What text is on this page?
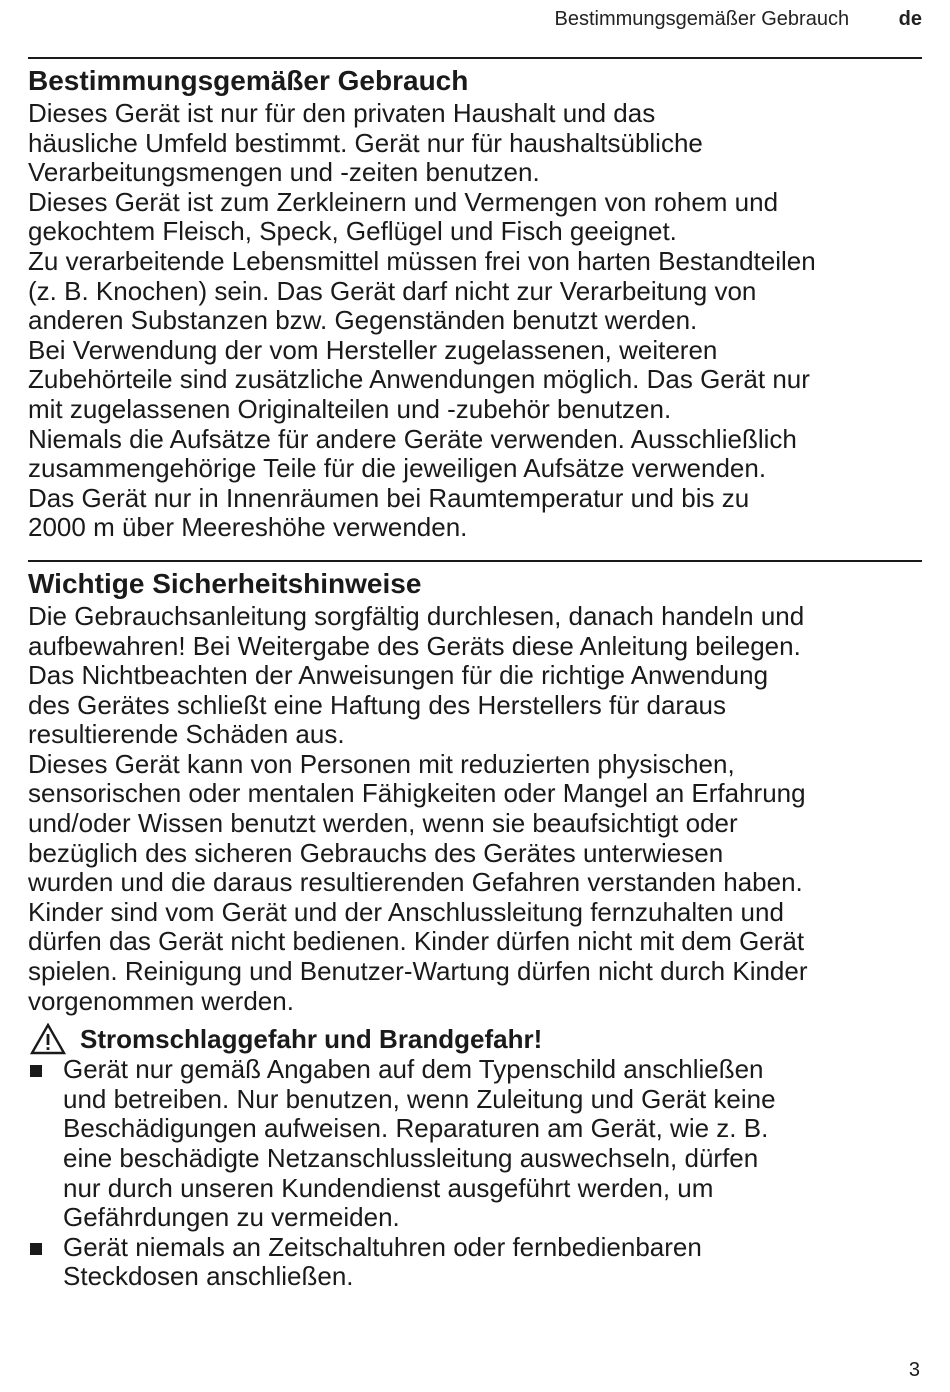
Bestimmungsgemäßer Gebrauch de
Bestimmungsgemäßer Gebrauch

Dieses Gerät ist nur für den privaten Haushalt und das

häusliche Umfeld bestimmt. Gerät nur für haushaltsübliche

Verarbeitungsmengen und -zeiten benutzen.

Dieses Gerät ist zum Zerkleinern und Vermengen von rohem und

gekochtem Fleisch, Speck, Geflügel und Fisch geeignet.

Zu verarbeitende Lebensmittel müssen frei von harten Bestandteilen

(z. B. Knochen) sein. Das Gerät darf nicht zur Verarbeitung von

anderen Substanzen bzw. Gegenständen benutzt werden.

Bei Verwendung der vom Hersteller zugelassenen, weiteren

Zubehörteile sind zusätzliche Anwendungen möglich. Das Gerät nur

mit zugelassenen Originalteilen und -zubehör benutzen.

Niemals die Aufsätze für andere Geräte verwenden. Ausschließlich

zusammengehörige Teile für die jeweiligen Aufsätze verwenden.

Das Gerät nur in Innenräumen bei Raumtemperatur und bis zu

2000 m über Meereshöhe verwenden.

Wichtige Sicherheitshinweise

Die Gebrauchsanleitung sorgfältig durchlesen, danach handeln und

aufbewahren! Bei Weitergabe des Geräts diese Anleitung beilegen.

Das Nichtbeachten der Anweisungen für die richtige Anwendung

des Gerätes schließt eine Haftung des Herstellers für daraus

resultierende Schäden aus.

Dieses Gerät kann von Personen mit reduzierten physischen,

sensorischen oder mentalen Fähigkeiten oder Mangel an Erfahrung

und/oder Wissen benutzt werden, wenn sie beaufsichtigt oder

bezüglich des sicheren Gebrauchs des Gerätes unterwiesen

wurden und die daraus resultierenden Gefahren verstanden haben.

Kinder sind vom Gerät und der Anschlussleitung fernzuhalten und

dürfen das Gerät nicht bedienen. Kinder dürfen nicht mit dem Gerät

spielen. Reinigung und Benutzer-Wartung dürfen nicht durch Kinder

vorgenommen werden.

Stromschlaggefahr und Brandgefahr!
Gerät nur gemäß Angaben auf dem Typenschild anschließen
und betreiben. Nur benutzen, wenn Zuleitung und Gerät keine
Beschädigungen aufweisen. Reparaturen am Gerät, wie z. B.
eine beschädigte Netzanschlussleitung auswechseln, dürfen
nur durch unseren Kundendienst ausgeführt werden, um
Gefährdungen zu vermeiden.
Gerät niemals an Zeitschaltuhren oder fernbedienbaren
Steckdosen anschließen.
3
